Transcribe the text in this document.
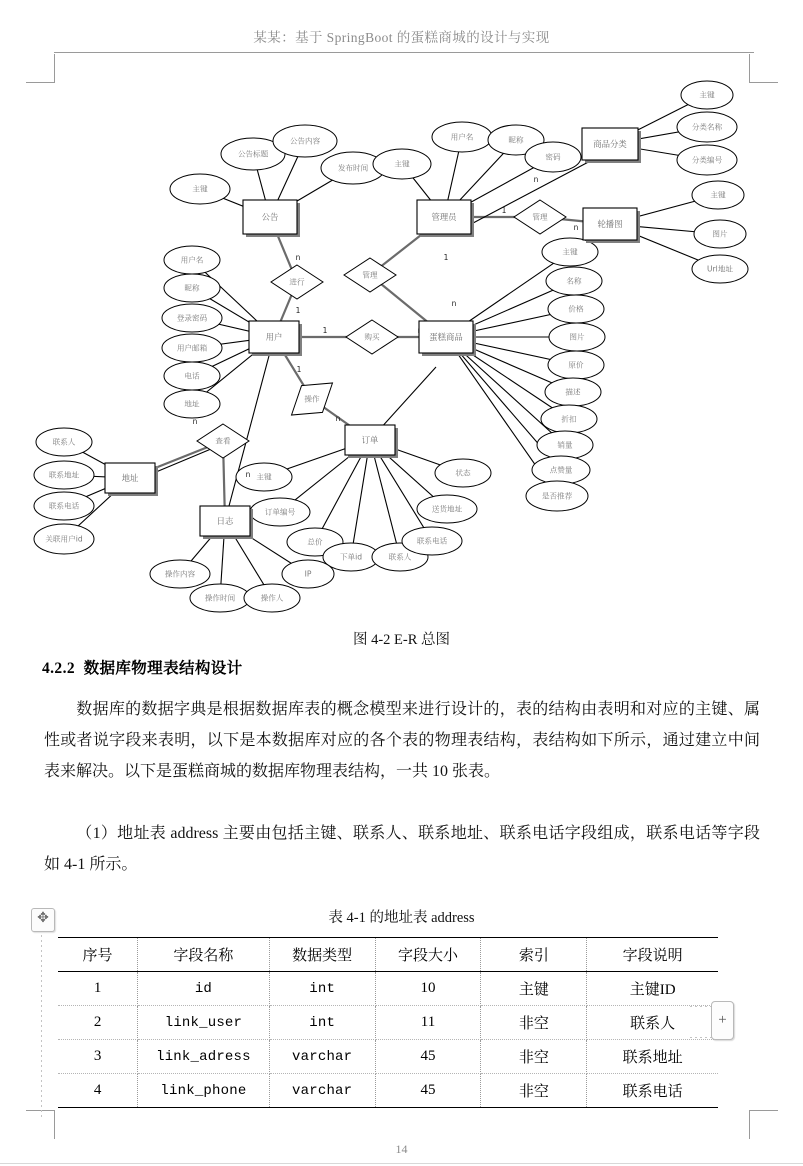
某某：基于 SpringBoot 的蛋糕商城的设计与实现
主键
公告标题
公告内容
发布时间	主键
用户名	昵称
密码
主键
分类名称
分类编号
主键
图片
Url地址
用户名
昵称
登录密码
用户邮箱
电话
地址
主键
名称
价格
图片
原价
描述
折扣
销量
点赞量
是否推荐
联系人
联系地址
联系电话
关联用户id
主键
订单编号
总价
下单id	联系人
联系电话
送货地址
状态
操作内容
操作时间	操作人
IP
进行
管理
管理
购买
操作
查看
n
1
1
n
1
n
1
1
n
n
n
n
公告	管理员
商品分类
轮播图
用户	蛋糕商品
地址
订单
日志
图 4-2 E-R 总图
4.2.2 数据库物理表结构设计
数据库的数据字典是根据数据库表的概念模型来进行设计的，表的结构由表明和对应的主键、属性或者说字段来表明，以下是本数据库对应的各个表的物理表结构，表结构如下所示，通过建立中间表来解决。以下是蛋糕商城的数据库物理表结构，一共 10 张表。
（1）地址表 address 主要由包括主键、联系人、联系地址、联系电话字段组成，联系电话等字段如 4-1 所示。
表 4-1 的地址表 address
序号	字段名称	数据类型	字段大小	索引	字段说明
1	id	int	10	主键	主键ID
2	link_user	int	11	非空	联系人
3	link_adress	varchar	45	非空	联系地址
4	link_phone	varchar	45	非空	联系电话
✥
+
14
